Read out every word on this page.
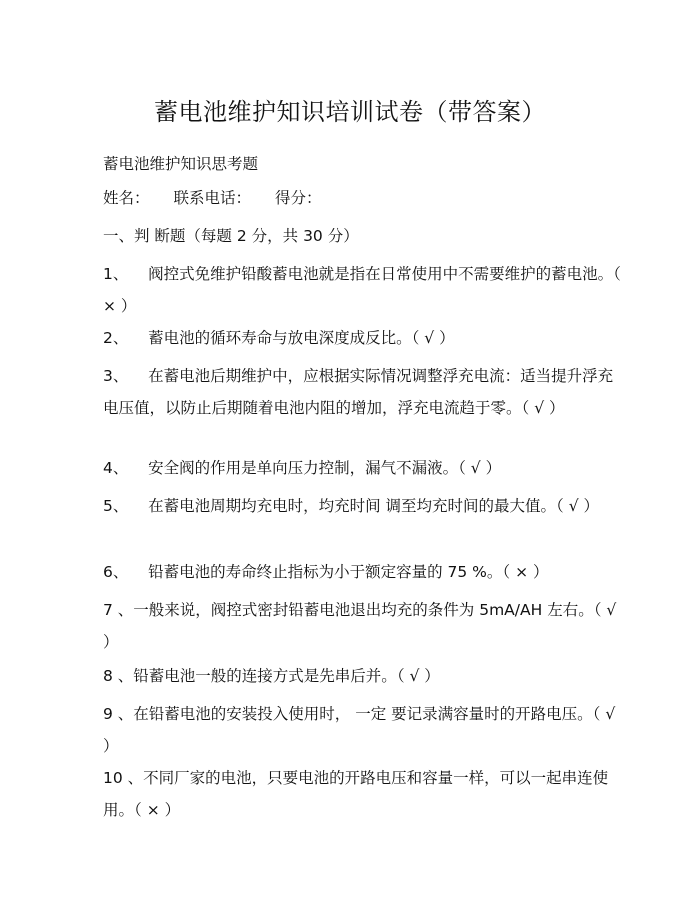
蓄电池维护知识培训试卷（带答案）
蓄电池维护知识思考题
姓名： 联系电话： 得分：
一、判 断题（每题 2 分，共 30 分）
1、 阀控式免维护铅酸蓄电池就是指在日常使用中不需要维护的蓄电池。（ × ）
2、 蓄电池的循环寿命与放电深度成反比。（ √ ）
3、 在蓄电池后期维护中，应根据实际情况调整浮充电流：适当提升浮充电压值，以防止后期随着电池内阻的增加，浮充电流趋于零。（ √ ）
4、 安全阀的作用是单向压力控制，漏气不漏液。（ √ ）
5、 在蓄电池周期均充电时，均充时间 调至均充时间的最大值。（ √ ）
6、 铅蓄电池的寿命终止指标为小于额定容量的 75 %。（ × ）
7 、一般来说，阀控式密封铅蓄电池退出均充的条件为 5mA/AH 左右。（ √ ）
8 、铅蓄电池一般的连接方式是先串后并。（ √ ）
9 、在铅蓄电池的安装投入使用时， 一定 要记录满容量时的开路电压。（ √ ）
10 、不同厂家的电池，只要电池的开路电压和容量一样，可以一起串连使用。（ × ）
